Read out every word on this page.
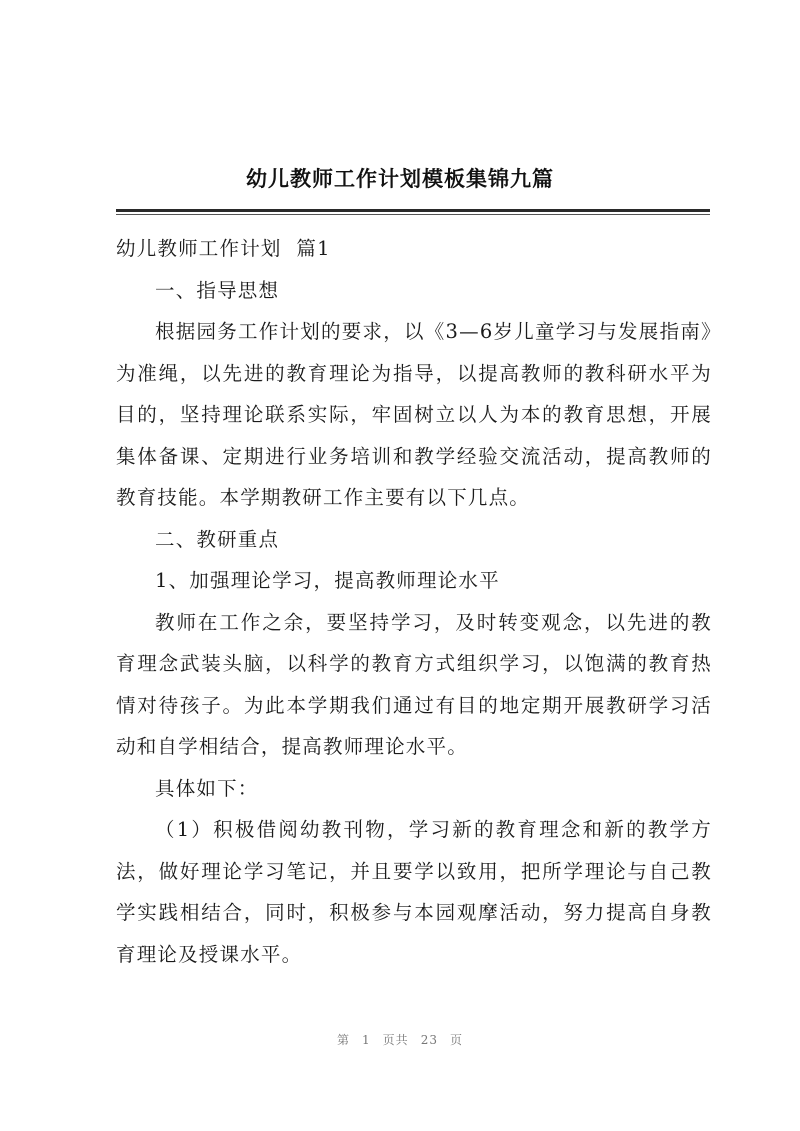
幼儿教师工作计划模板集锦九篇

幼儿教师工作计划  篇1

一、指导思想

根据园务工作计划的要求，以《3—6岁儿童学习与发展指南》为准绳，以先进的教育理论为指导，以提高教师的教科研水平为目的，坚持理论联系实际，牢固树立以人为本的教育思想，开展集体备课、定期进行业务培训和教学经验交流活动，提高教师的教育技能。本学期教研工作主要有以下几点。

二、教研重点

1、加强理论学习，提高教师理论水平

教师在工作之余，要坚持学习，及时转变观念，以先进的教育理念武装头脑，以科学的教育方式组织学习，以饱满的教育热情对待孩子。为此本学期我们通过有目的地定期开展教研学习活动和自学相结合，提高教师理论水平。

具体如下：

（1）积极借阅幼教刊物，学习新的教育理念和新的教学方法，做好理论学习笔记，并且要学以致用，把所学理论与自己教学实践相结合，同时，积极参与本园观摩活动，努力提高自身教育理论及授课水平。

第 1 页共 23 页
